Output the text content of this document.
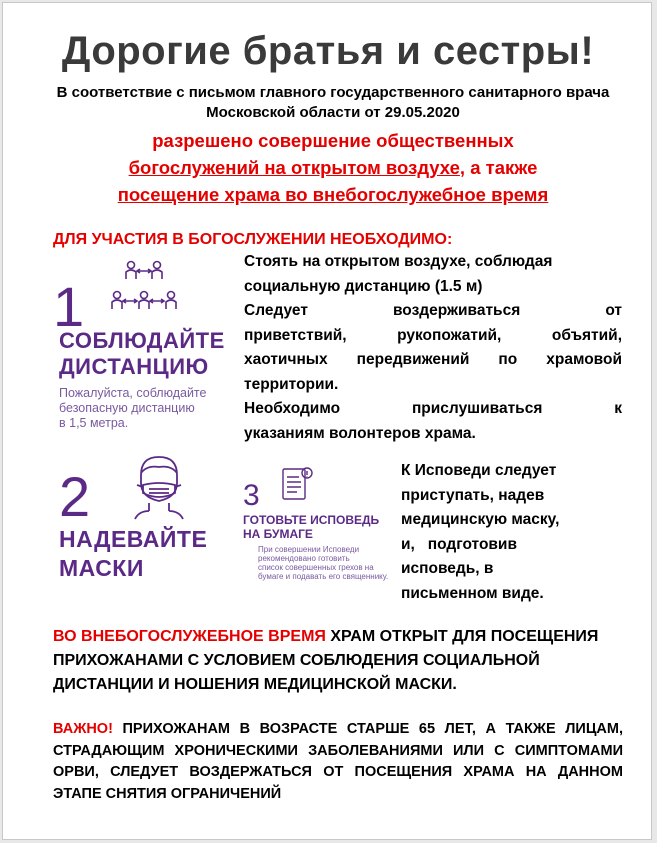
Дорогие братья и сестры!
В соответствие с письмом главного государственного санитарного врача Московской области от 29.05.2020
разрешено совершение общественных
богослужений на открытом воздухе, а также
посещение храма во внебогослужебное время
ДЛЯ УЧАСТИЯ В БОГОСЛУЖЕНИИ НЕОБХОДИМО:
1
СОБЛЮДАЙТЕ
ДИСТАНЦИЮ
Пожалуйста, соблюдайте
безопасную дистанцию
в 1,5 метра.

Стоять на открытом воздухе, соблюдая

социальную дистанцию (1.5 м)

Следует воздерживаться от

приветствий, рукопожатий, объятий,

хаотичных передвижений по храмовой

территории.

Необходимо прислушиваться к

указаниям волонтеров храма.

2
НАДЕВАЙТЕ
МАСКИ
3
ГОТОВЬТЕ ИСПОВЕДЬ
НА БУМАГЕ
При совершении Исповеди
рекомендовано готовить
список совершенных грехов на
бумаге и подавать его священнику.

К Исповеди следует

приступать, надев

медицинскую маску,

и,   подготовив

исповедь, в

письменном виде.

ВО ВНЕБОГОСЛУЖЕБНОЕ ВРЕМЯ ХРАМ ОТКРЫТ ДЛЯ ПОСЕЩЕНИЯ ПРИХОЖАНАМИ С УСЛОВИЕМ СОБЛЮДЕНИЯ СОЦИАЛЬНОЙ ДИСТАНЦИИ И НОШЕНИЯ МЕДИЦИНСКОЙ МАСКИ.
ВАЖНО! ПРИХОЖАНАМ В ВОЗРАСТЕ СТАРШЕ 65 ЛЕТ, А ТАКЖЕ ЛИЦАМ, СТРАДАЮЩИМ ХРОНИЧЕСКИМИ ЗАБОЛЕВАНИЯМИ ИЛИ С СИМПТОМАМИ ОРВИ, СЛЕДУЕТ ВОЗДЕРЖАТЬСЯ ОТ ПОСЕЩЕНИЯ ХРАМА НА ДАННОМ ЭТАПЕ СНЯТИЯ ОГРАНИЧЕНИЙ
